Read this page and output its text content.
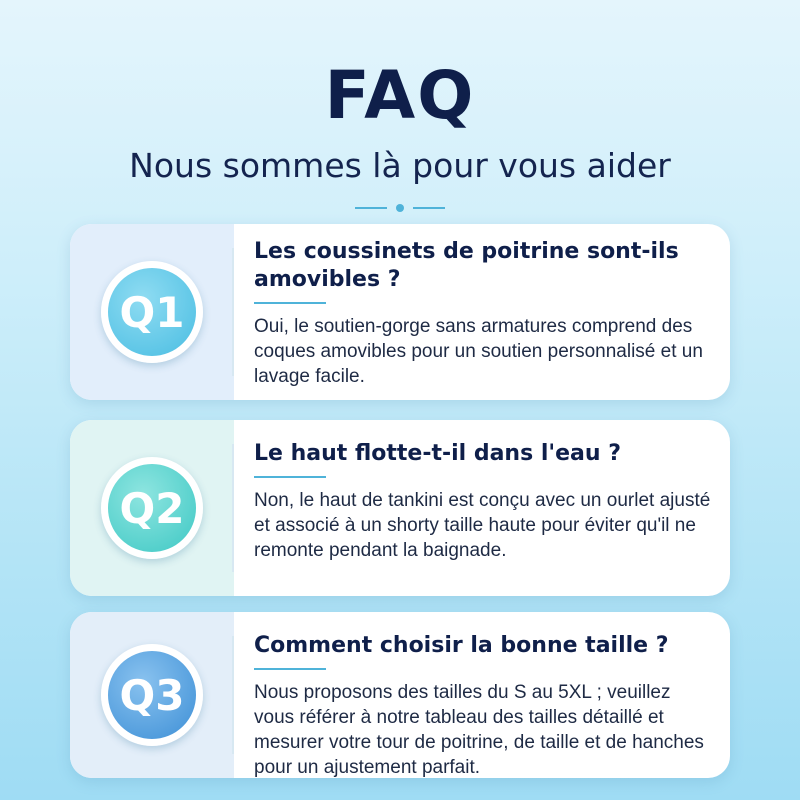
FAQ
Nous sommes là pour vous aider
Q1
Les coussinets de poitrine sont-ils amovibles ?
Oui, le soutien-gorge sans armatures comprend des coques amovibles pour un soutien personnalisé et un lavage facile.
Q2
Le haut flotte-t-il dans l'eau ?
Non, le haut de tankini est conçu avec un ourlet ajusté et associé à un shorty taille haute pour éviter qu'il ne remonte pendant la baignade.
Q3
Comment choisir la bonne taille ?
Nous proposons des tailles du S au 5XL ; veuillez vous référer à notre tableau des tailles détaillé et mesurer votre tour de poitrine, de taille et de hanches pour un ajustement parfait.
